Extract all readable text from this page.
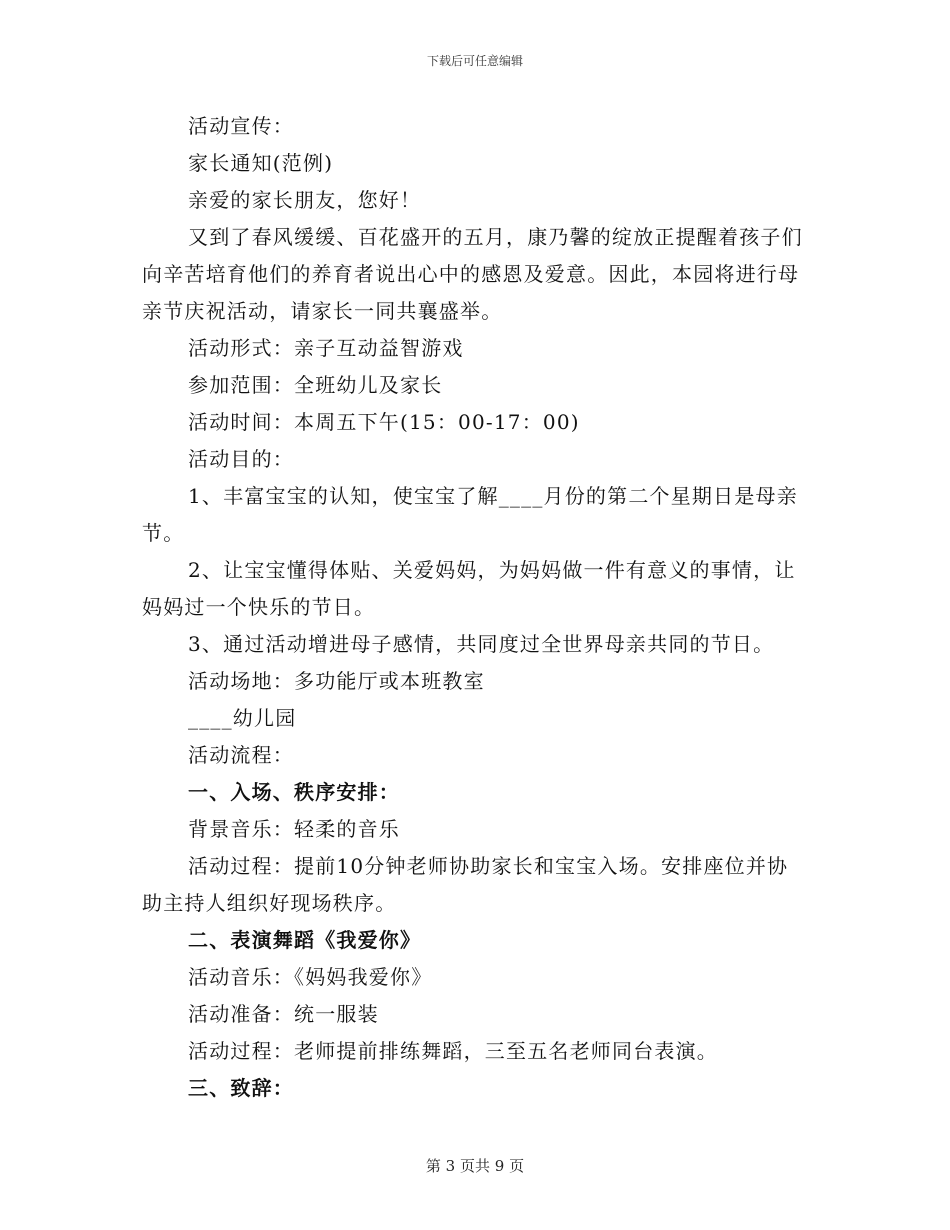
下载后可任意编辑

活动宣传：

家长通知(范例)

亲爱的家长朋友，您好！

又到了春风缓缓、百花盛开的五月，康乃馨的绽放正提醒着孩子们向辛苦培育他们的养育者说出心中的感恩及爱意。因此，本园将进行母亲节庆祝活动，请家长一同共襄盛举。

活动形式：亲子互动益智游戏

参加范围：全班幼儿及家长

活动时间：本周五下午(15：00-17：00)

活动目的：

1、丰富宝宝的认知，使宝宝了解____月份的第二个星期日是母亲节。

2、让宝宝懂得体贴、关爱妈妈，为妈妈做一件有意义的事情，让妈妈过一个快乐的节日。

3、通过活动增进母子感情，共同度过全世界母亲共同的节日。

活动场地：多功能厅或本班教室

____幼儿园

活动流程：

一、入场、秩序安排：

背景音乐：轻柔的音乐

活动过程：提前10分钟老师协助家长和宝宝入场。安排座位并协助主持人组织好现场秩序。

二、表演舞蹈《我爱你》

活动音乐：《妈妈我爱你》

活动准备：统一服装

活动过程：老师提前排练舞蹈，三至五名老师同台表演。

三、致辞：

第 3 页共 9 页
